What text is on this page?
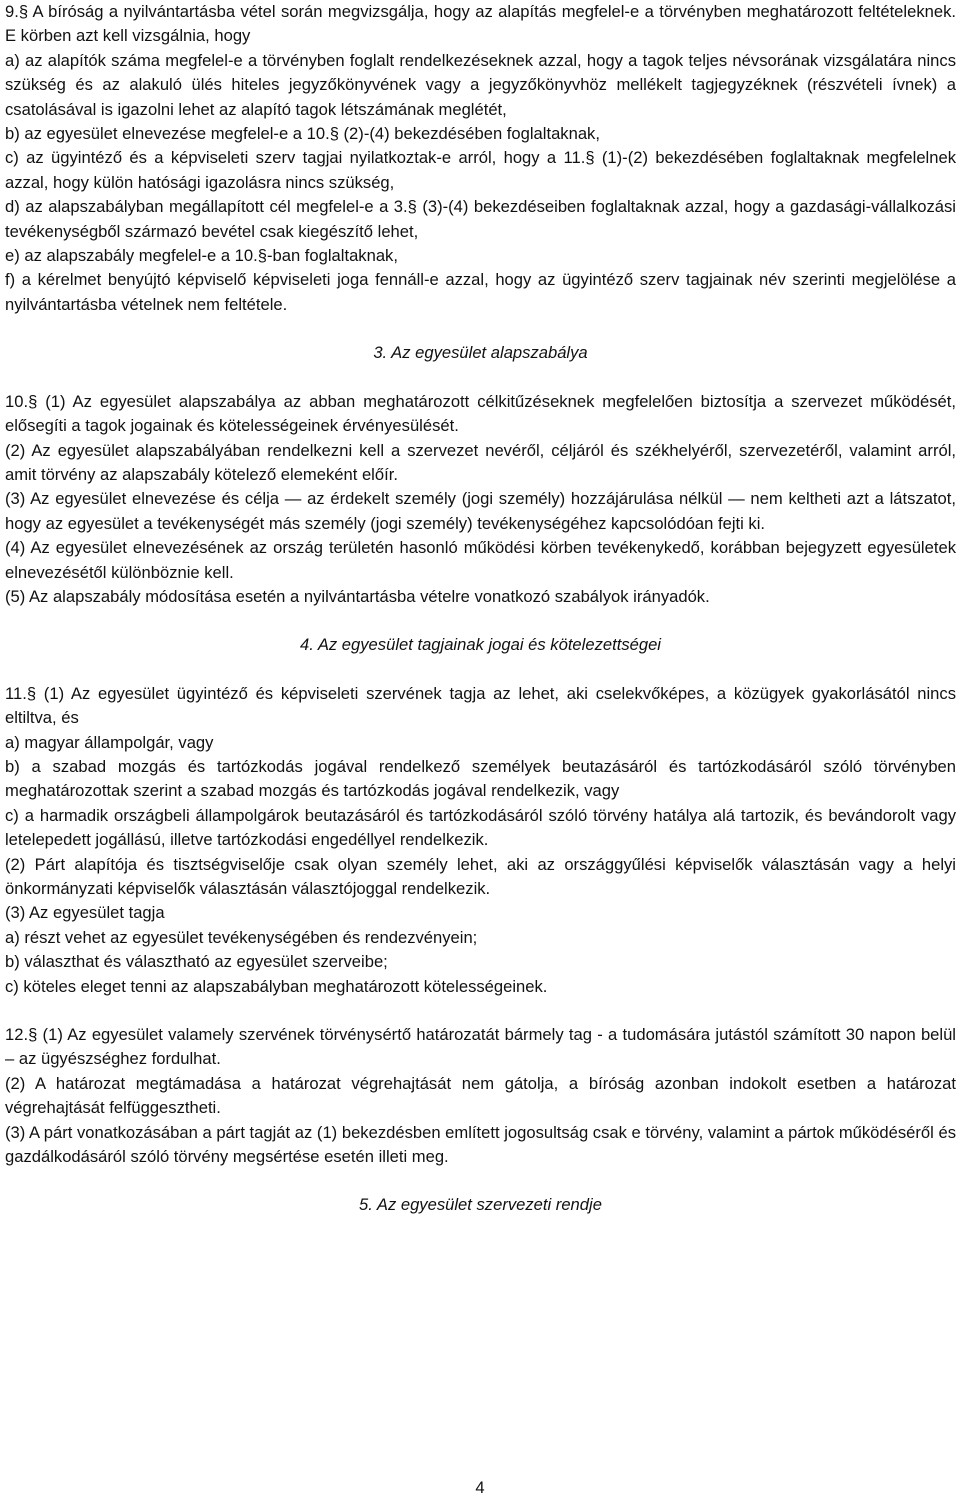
9.§ A bíróság a nyilvántartásba vétel során megvizsgálja, hogy az alapítás megfelel-e a törvényben meghatározott feltételeknek. E körben azt kell vizsgálnia, hogy

a) az alapítók száma megfelel-e a törvényben foglalt rendelkezéseknek azzal, hogy a tagok teljes névsorának vizsgálatára nincs szükség és az alakuló ülés hiteles jegyzőkönyvének vagy a jegyzőkönyvhöz mellékelt tagjegyzéknek (részvételi ívnek) a csatolásával is igazolni lehet az alapító tagok létszámának meglétét,

b) az egyesület elnevezése megfelel-e a 10.§ (2)-(4) bekezdésében foglaltaknak,

c) az ügyintéző és a képviseleti szerv tagjai nyilatkoztak-e arról, hogy a 11.§ (1)-(2) bekezdésében foglaltaknak megfelelnek azzal, hogy külön hatósági igazolásra nincs szükség,

d) az alapszabályban megállapított cél megfelel-e a 3.§ (3)-(4) bekezdéseiben foglaltaknak azzal, hogy a gazdasági-vállalkozási tevékenységből származó bevétel csak kiegészítő lehet,

e) az alapszabály megfelel-e a 10.§-ban foglaltaknak,

f) a kérelmet benyújtó képviselő képviseleti joga fennáll-e azzal, hogy az ügyintéző szerv tagjainak név szerinti megjelölése a nyilvántartásba vételnek nem feltétele.

3. Az egyesület alapszabálya

10.§ (1) Az egyesület alapszabálya az abban meghatározott célkitűzéseknek megfelelően biztosítja a szervezet működését, elősegíti a tagok jogainak és kötelességeinek érvényesülését.

(2) Az egyesület alapszabályában rendelkezni kell a szervezet nevéről, céljáról és székhelyéről, szervezetéről, valamint arról, amit törvény az alapszabály kötelező elemeként előír.

(3) Az egyesület elnevezése és célja — az érdekelt személy (jogi személy) hozzájárulása nélkül — nem keltheti azt a látszatot, hogy az egyesület a tevékenységét más személy (jogi személy) tevékenységéhez kapcsolódóan fejti ki.

(4) Az egyesület elnevezésének az ország területén hasonló működési körben tevékenykedő, korábban bejegyzett egyesületek elnevezésétől különböznie kell.

(5) Az alapszabály módosítása esetén a nyilvántartásba vételre vonatkozó szabályok irányadók.

4. Az egyesület tagjainak jogai és kötelezettségei

11.§ (1) Az egyesület ügyintéző és képviseleti szervének tagja az lehet, aki cselekvőképes, a közügyek gyakorlásától nincs eltiltva, és

a) magyar állampolgár, vagy

b) a szabad mozgás és tartózkodás jogával rendelkező személyek beutazásáról és tartózkodásáról szóló törvényben meghatározottak szerint a szabad mozgás és tartózkodás jogával rendelkezik, vagy

c) a harmadik országbeli állampolgárok beutazásáról és tartózkodásáról szóló törvény hatálya alá tartozik, és bevándorolt vagy letelepedett jogállású, illetve tartózkodási engedéllyel rendelkezik.

(2) Párt alapítója és tisztségviselője csak olyan személy lehet, aki az országgyűlési képviselők választásán vagy a helyi önkormányzati képviselők választásán választójoggal rendelkezik.

(3) Az egyesület tagja

a) részt vehet az egyesület tevékenységében és rendezvényein;

b) választhat és választható az egyesület szerveibe;

c) köteles eleget tenni az alapszabályban meghatározott kötelességeinek.

12.§ (1) Az egyesület valamely szervének törvénysértő határozatát bármely tag - a tudomására jutástól számított 30 napon belül – az ügyészséghez fordulhat.

(2) A határozat megtámadása a határozat végrehajtását nem gátolja, a bíróság azonban indokolt esetben a határozat végrehajtását felfüggesztheti.

(3) A párt vonatkozásában a párt tagját az (1) bekezdésben említett jogosultság csak e törvény, valamint a pártok működéséről és gazdálkodásáról szóló törvény megsértése esetén illeti meg.

5. Az egyesület szervezeti rendje

4
